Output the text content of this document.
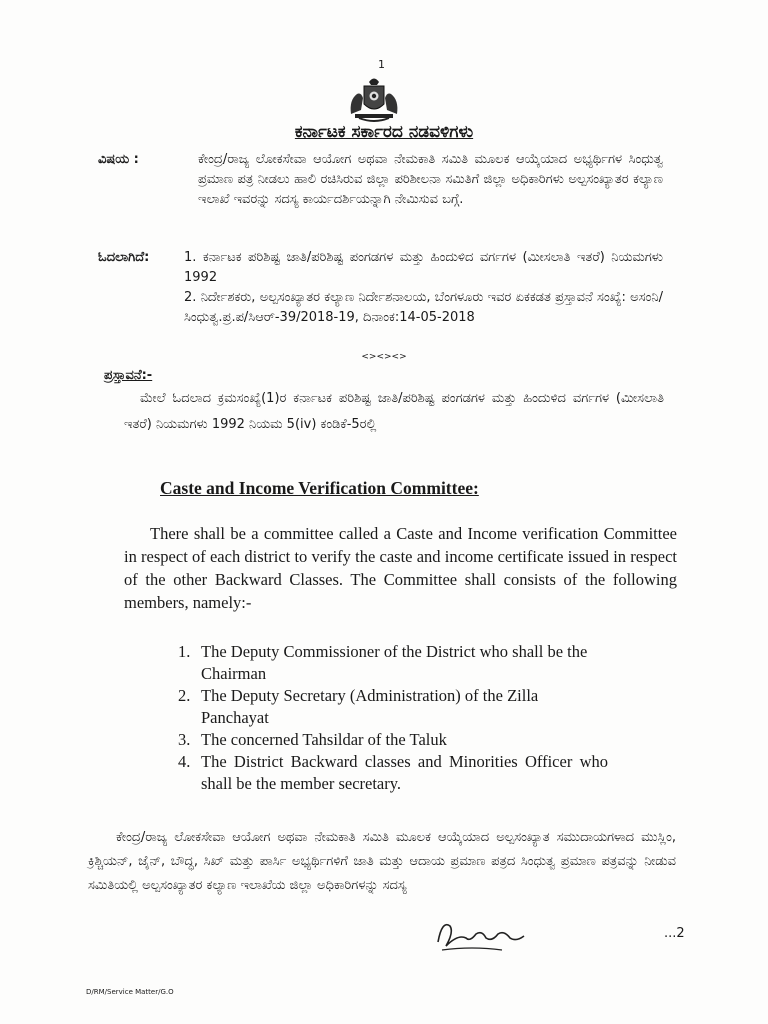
1
ಕರ್ನಾಟಕ ಸರ್ಕಾರದ ನಡವಳಿಗಳು
ವಿಷಯ :	ಕೇಂದ್ರ/ರಾಜ್ಯ ಲೋಕಸೇವಾ ಆಯೋಗ ಅಥವಾ ನೇಮಕಾತಿ ಸಮಿತಿ ಮೂಲಕ ಆಯ್ಕೆಯಾದ ಅಭ್ಯರ್ಥಿಗಳ ಸಿಂಧುತ್ವ ಪ್ರಮಾಣ ಪತ್ರ ನೀಡಲು ಹಾಲಿ ರಚಿಸಿರುವ ಜಿಲ್ಲಾ ಪರಿಶೀಲನಾ ಸಮಿತಿಗೆ ಜಿಲ್ಲಾ ಅಧಿಕಾರಿಗಳು ಅಲ್ಪಸಂಖ್ಯಾತರ ಕಲ್ಯಾಣ ಇಲಾಖೆ ಇವರನ್ನು ಸದಸ್ಯ ಕಾರ್ಯದರ್ಶಿಯನ್ನಾಗಿ ನೇಮಿಸುವ ಬಗ್ಗೆ.
ಓದಲಾಗಿದೆ:	1. ಕರ್ನಾಟಕ ಪರಿಶಿಷ್ಟ ಜಾತಿ/ಪರಿಶಿಷ್ಟ ಪಂಗಡಗಳ ಮತ್ತು ಹಿಂದುಳಿದ ವರ್ಗಗಳ (ಮೀಸಲಾತಿ ಇತರೆ) ನಿಯಮಗಳು 1992
2. ನಿರ್ದೇಶಕರು, ಅಲ್ಪಸಂಖ್ಯಾತರ ಕಲ್ಯಾಣ ನಿರ್ದೇಶನಾಲಯ, ಬೆಂಗಳೂರು ಇವರ ಏಕಕಡತ ಪ್ರಸ್ತಾವನೆ ಸಂಖ್ಯೆ: ಅಸಂನಿ/ಸಿಂಧುತ್ವ.ಪ್ರ.ಪ/ಸಿಆರ್-39/2018-19, ದಿನಾಂಕ:14-05-2018
<><><>
ಪ್ರಸ್ತಾವನೆ:-
ಮೇಲೆ ಓದಲಾದ ಕ್ರಮಸಂಖ್ಯೆ(1)ರ ಕರ್ನಾಟಕ ಪರಿಶಿಷ್ಟ ಜಾತಿ/ಪರಿಶಿಷ್ಟ ಪಂಗಡಗಳ ಮತ್ತು ಹಿಂದುಳಿದ ವರ್ಗಗಳ (ಮೀಸಲಾತಿ ಇತರೆ) ನಿಯಮಗಳು 1992 ನಿಯಮ 5(iv) ಕಂಡಿಕೆ-5ರಲ್ಲಿ
Caste and Income Verification Committee:
There shall be a committee called a Caste and Income verification Committee in respect of each district to verify the caste and income certificate issued in respect of the other Backward Classes. The Committee shall consists of the following members, namely:-
1. The Deputy Commissioner of the District who shall be the Chairman
2. The Deputy Secretary (Administration) of the Zilla Panchayat
3. The concerned Tahsildar of the Taluk
4. The District Backward classes and Minorities Officer who shall be the member secretary.
ಕೇಂದ್ರ/ರಾಜ್ಯ ಲೋಕಸೇವಾ ಆಯೋಗ ಅಥವಾ ನೇಮಕಾತಿ ಸಮಿತಿ ಮೂಲಕ ಆಯ್ಕೆಯಾದ ಅಲ್ಪಸಂಖ್ಯಾತ ಸಮುದಾಯಗಳಾದ ಮುಸ್ಲಿಂ, ಕ್ರಿಶ್ಚಿಯನ್, ಜೈನ್, ಬೌದ್ಧ, ಸಿಖ್ ಮತ್ತು ಪಾರ್ಸಿ ಅಭ್ಯರ್ಥಿಗಳಿಗೆ ಜಾತಿ ಮತ್ತು ಆದಾಯ ಪ್ರಮಾಣ ಪತ್ರದ ಸಿಂಧುತ್ವ ಪ್ರಮಾಣ ಪತ್ರವನ್ನು ನೀಡುವ ಸಮಿತಿಯಲ್ಲಿ ಅಲ್ಪಸಂಖ್ಯಾತರ ಕಲ್ಯಾಣ ಇಲಾಖೆಯ ಜಿಲ್ಲಾ ಅಧಿಕಾರಿಗಳನ್ನು ಸದಸ್ಯ
...2
D/RM/Service Matter/G.O
